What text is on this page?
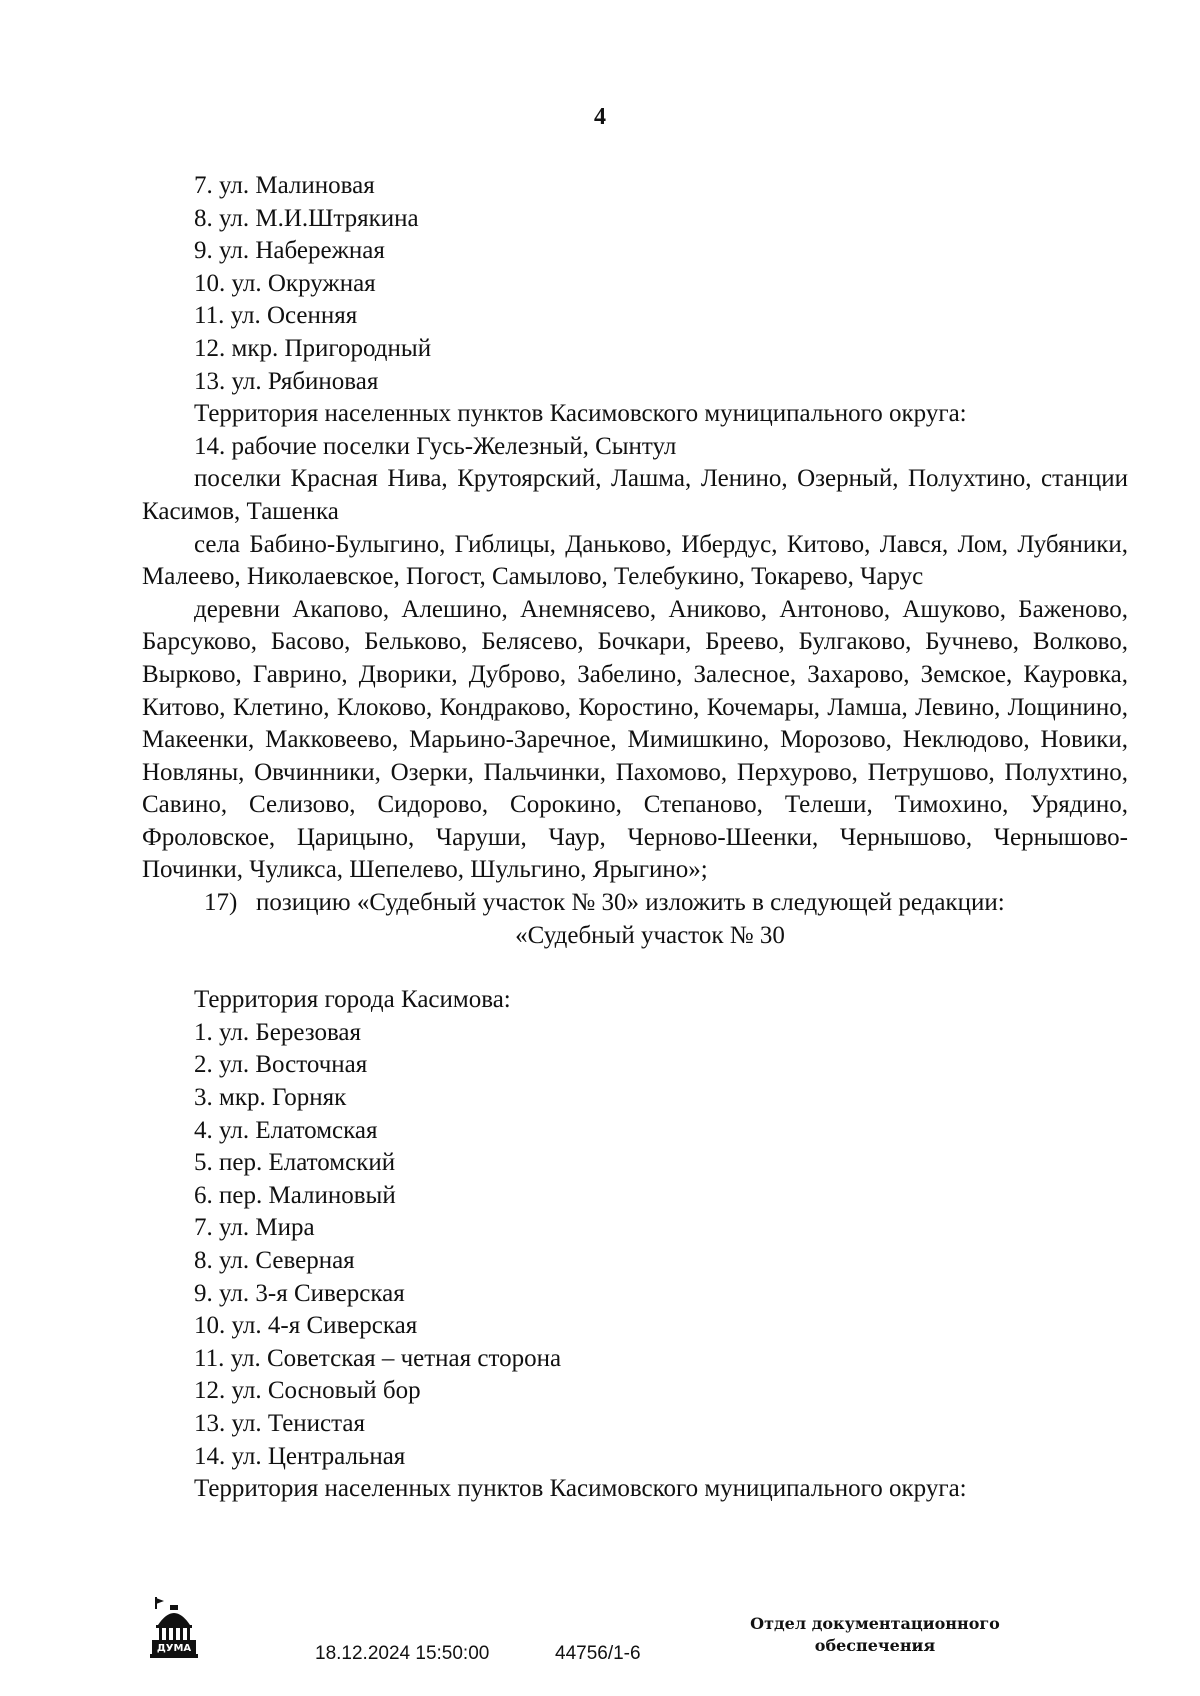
4
7. ул. Малиновая
8. ул. М.И.Штрякина
9. ул. Набережная
10. ул. Окружная
11. ул. Осенняя
12. мкр. Пригородный
13. ул. Рябиновая
Территория населенных пунктов Касимовского муниципального округа:
14. рабочие поселки Гусь-Железный, Сынтул
поселки Красная Нива, Крутоярский, Лашма, Ленино, Озерный, Полухтино, станции Касимов, Ташенка
села Бабино-Булыгино, Гиблицы, Даньково, Ибердус, Китово, Лався, Лом, Лубяники, Малеево, Николаевское, Погост, Самылово, Телебукино, Токарево, Чарус
деревни Акапово, Алешино, Анемнясево, Аниково, Антоново, Ашуково, Баженово, Барсуково, Басово, Бельково, Белясево, Бочкари, Бреево, Булгаково, Бучнево, Волково, Вырково, Гаврино, Дворики, Дуброво, Забелино, Залесное, Захарово, Земское, Кауровка, Китово, Клетино, Клоково, Кондраково, Коростино, Кочемары, Ламша, Левино, Лощинино, Макеенки, Макковеево, Марьино-Заречное, Мимишкино, Морозово, Неклюдово, Новики, Новляны, Овчинники, Озерки, Пальчинки, Пахомово, Перхурово, Петрушово, Полухтино, Савино, Селизово, Сидорово, Сорокино, Степаново, Телеши, Тимохино, Урядино, Фроловское, Царицыно, Чаруши, Чаур, Черново-Шеенки, Чернышово, Чернышово-Починки, Чуликса, Шепелево, Шульгино, Ярыгино»;
17) позицию «Судебный участок № 30» изложить в следующей редакции:
«Судебный участок № 30
Территория города Касимова:
1. ул. Березовая
2. ул. Восточная
3. мкр. Горняк
4. ул. Елатомская
5. пер. Елатомский
6. пер. Малиновый
7. ул. Мира
8. ул. Северная
9. ул. 3-я Сиверская
10. ул. 4-я Сиверская
11. ул. Советская – четная сторона
12. ул. Сосновый бор
13. ул. Тенистая
14. ул. Центральная
Территория населенных пунктов Касимовского муниципального округа:
ДУМА	18.12.2024 15:50:00	44756/1-6
Отдел документационного
обеспечения
